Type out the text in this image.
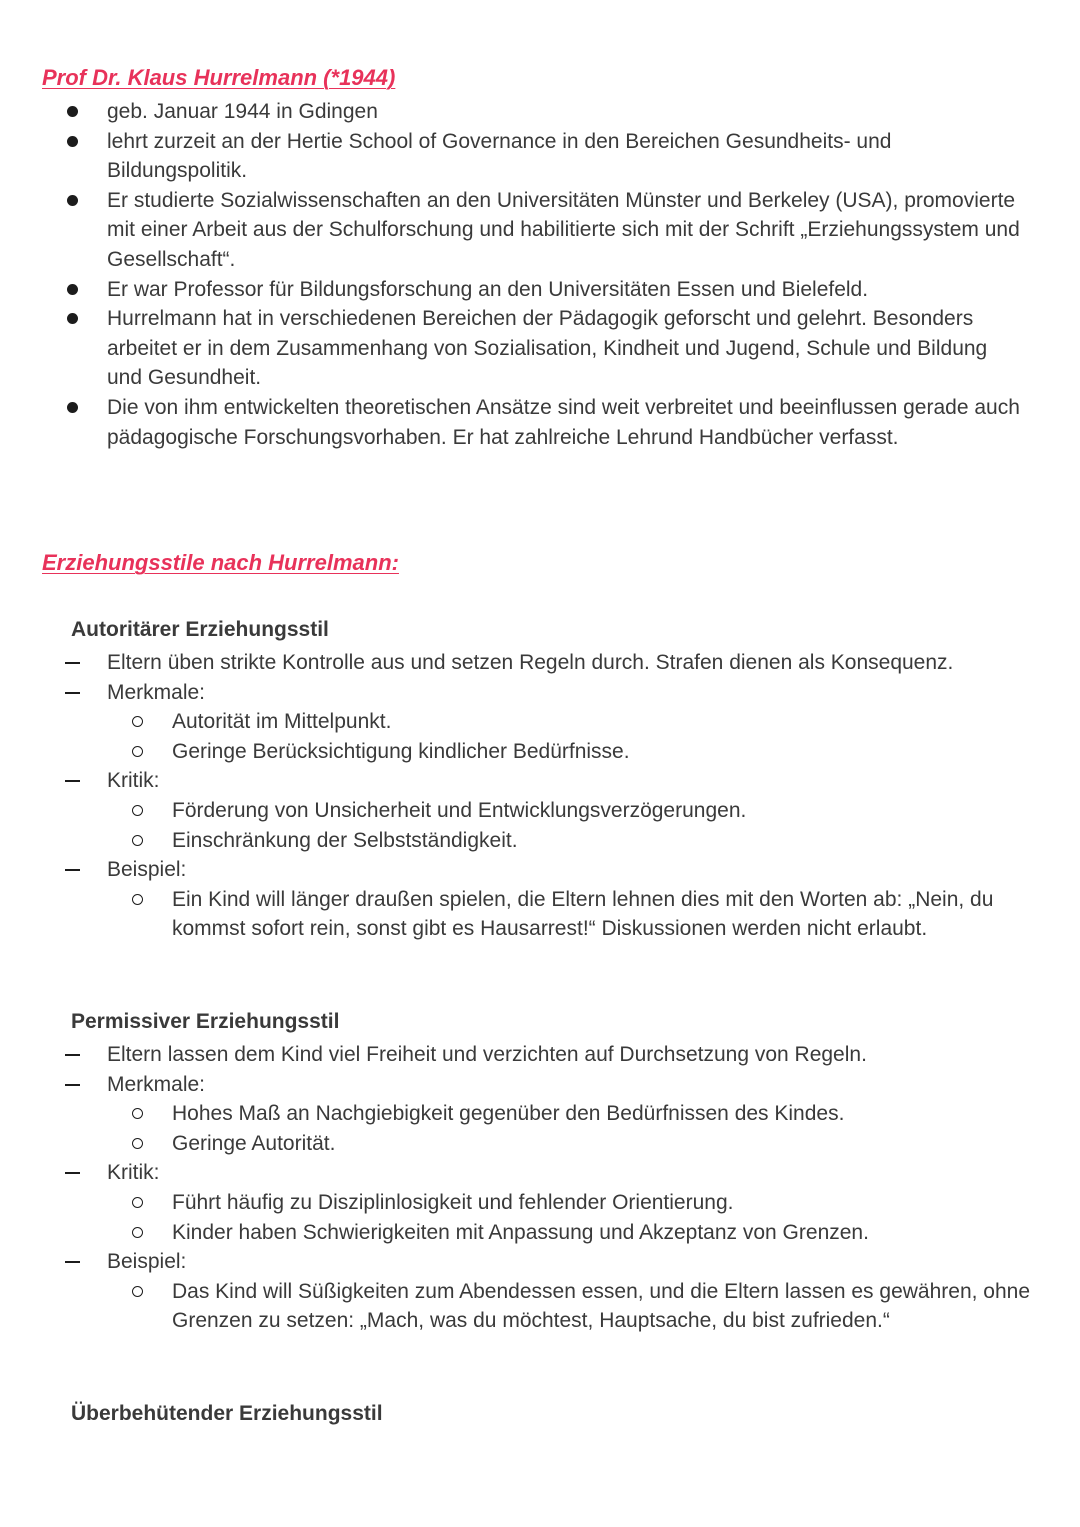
Prof Dr. Klaus Hurrelmann (*1944)
geb. Januar 1944 in Gdingen
lehrt zurzeit an der Hertie School of Governance in den Bereichen Gesundheits- und Bildungspolitik.
Er studierte Sozialwissenschaften an den Universitäten Münster und Berkeley (USA), promovierte mit einer Arbeit aus der Schulforschung und habilitierte sich mit der Schrift „Erziehungssystem und Gesellschaft“.
Er war Professor für Bildungsforschung an den Universitäten Essen und Bielefeld.
Hurrelmann hat in verschiedenen Bereichen der Pädagogik geforscht und gelehrt. Besonders arbeitet er in dem Zusammenhang von Sozialisation, Kindheit und Jugend, Schule und Bildung und Gesundheit.
Die von ihm entwickelten theoretischen Ansätze sind weit verbreitet und beeinflussen gerade auch pädagogische Forschungsvorhaben. Er hat zahlreiche Lehrund Handbücher verfasst.
Erziehungsstile nach Hurrelmann:
Autoritärer Erziehungsstil
Eltern üben strikte Kontrolle aus und setzen Regeln durch. Strafen dienen als Konsequenz.
Merkmale:
Autorität im Mittelpunkt.
Geringe Berücksichtigung kindlicher Bedürfnisse.
Kritik:
Förderung von Unsicherheit und Entwicklungsverzögerungen.
Einschränkung der Selbstständigkeit.
Beispiel:
Ein Kind will länger draußen spielen, die Eltern lehnen dies mit den Worten ab: „Nein, du kommst sofort rein, sonst gibt es Hausarrest!“ Diskussionen werden nicht erlaubt.
Permissiver Erziehungsstil
Eltern lassen dem Kind viel Freiheit und verzichten auf Durchsetzung von Regeln.
Merkmale:
Hohes Maß an Nachgiebigkeit gegenüber den Bedürfnissen des Kindes.
Geringe Autorität.
Kritik:
Führt häufig zu Disziplinlosigkeit und fehlender Orientierung.
Kinder haben Schwierigkeiten mit Anpassung und Akzeptanz von Grenzen.
Beispiel:
Das Kind will Süßigkeiten zum Abendessen essen, und die Eltern lassen es gewähren, ohne Grenzen zu setzen: „Mach, was du möchtest, Hauptsache, du bist zufrieden.“
Überbehütender Erziehungsstil
